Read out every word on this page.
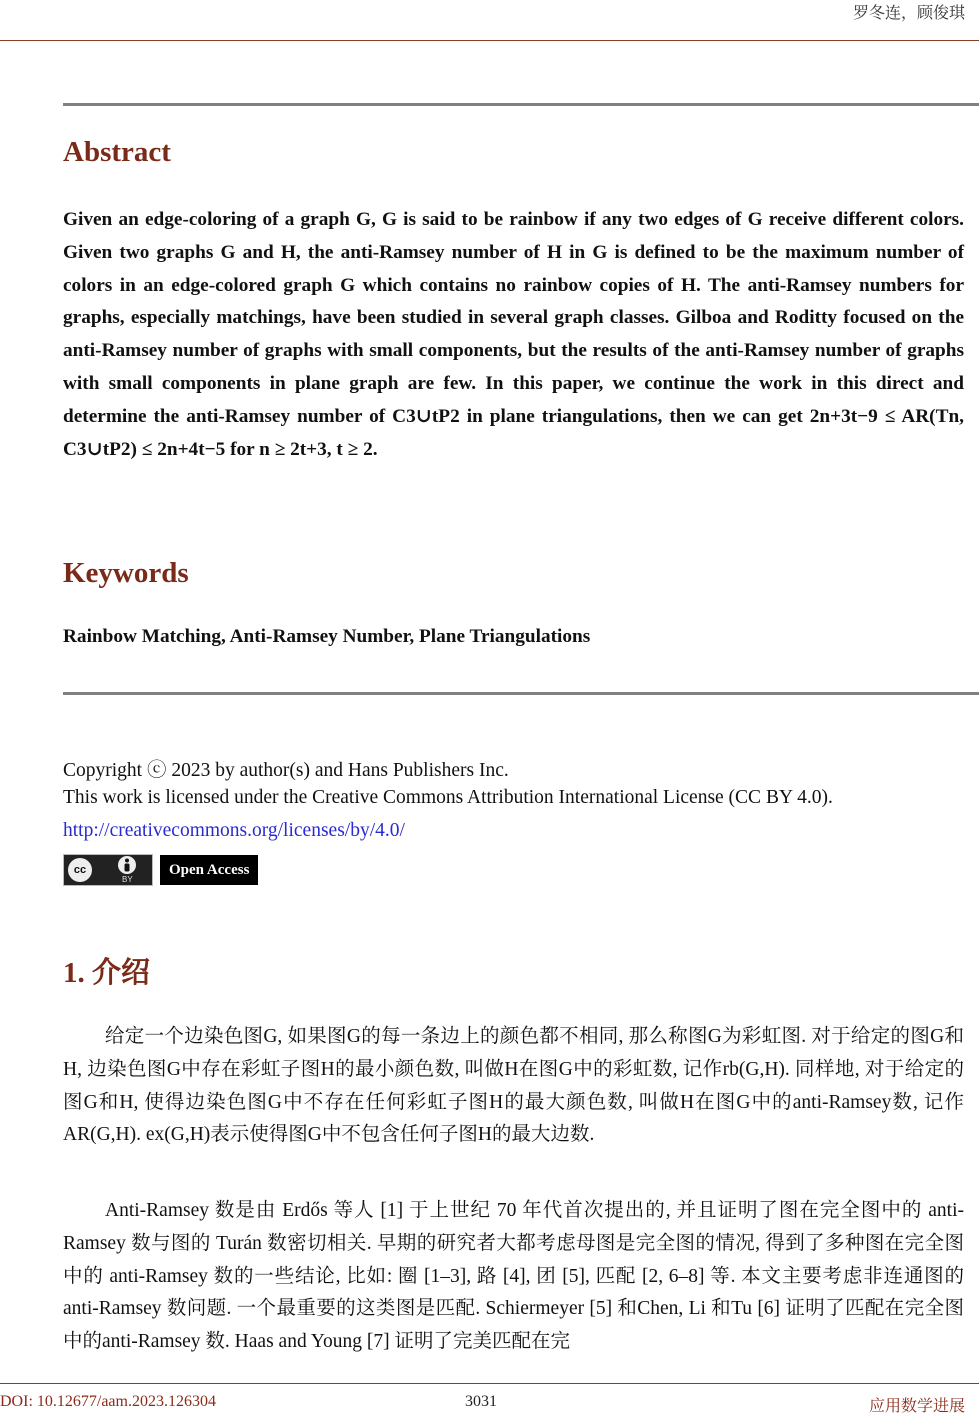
罗冬连，顾俊琪
Abstract

Given an edge-coloring of a graph G, G is said to be rainbow if any two edges of G receive different colors. Given two graphs G and H, the anti-Ramsey number of H in G is defined to be the maximum number of colors in an edge-colored graph G which contains no rainbow copies of H. The anti-Ramsey numbers for graphs, especially matchings, have been studied in several graph classes. Gilboa and Roditty focused on the anti-Ramsey number of graphs with small components, but the results of the anti-Ramsey number of graphs with small components in plane graph are few. In this paper, we continue the work in this direct and determine the anti-Ramsey number of C3∪tP2 in plane triangulations, then we can get 2n+3t−9 ≤ AR(Tn, C3∪tP2) ≤ 2n+4t−5 for n ≥ 2t+3, t ≥ 2.

Keywords
Rainbow Matching, Anti-Ramsey Number, Plane Triangulations
Copyright ⓒ 2023 by author(s) and Hans Publishers Inc.
This work is licensed under the Creative Commons Attribution International License (CC BY 4.0).
http://creativecommons.org/licenses/by/4.0/
cc
BY
Open Access
1. 介绍

给定一个边染色图G, 如果图G的每一条边上的颜色都不相同, 那么称图G为彩虹图. 对于给定的图G和H, 边染色图G中存在彩虹子图H的最小颜色数, 叫做H在图G中的彩虹数, 记作rb(G,H). 同样地, 对于给定的图G和H, 使得边染色图G中不存在任何彩虹子图H的最大颜色数, 叫做H在图G中的anti-Ramsey数, 记作AR(G,H). ex(G,H)表示使得图G中不包含任何子图H的最大边数.

Anti-Ramsey 数是由 Erdős 等人 [1] 于上世纪 70 年代首次提出的, 并且证明了图在完全图中的 anti-Ramsey 数与图的 Turán 数密切相关. 早期的研究者大都考虑母图是完全图的情况, 得到了多种图在完全图中的 anti-Ramsey 数的一些结论, 比如: 圈 [1–3], 路 [4], 团 [5], 匹配 [2, 6–8] 等. 本文主要考虑非连通图的anti-Ramsey 数问题. 一个最重要的这类图是匹配. Schiermeyer [5] 和Chen, Li 和Tu [6] 证明了匹配在完全图中的anti-Ramsey 数. Haas and Young [7] 证明了完美匹配在完

DOI: 10.12677/aam.2023.126304	3031	应用数学进展
